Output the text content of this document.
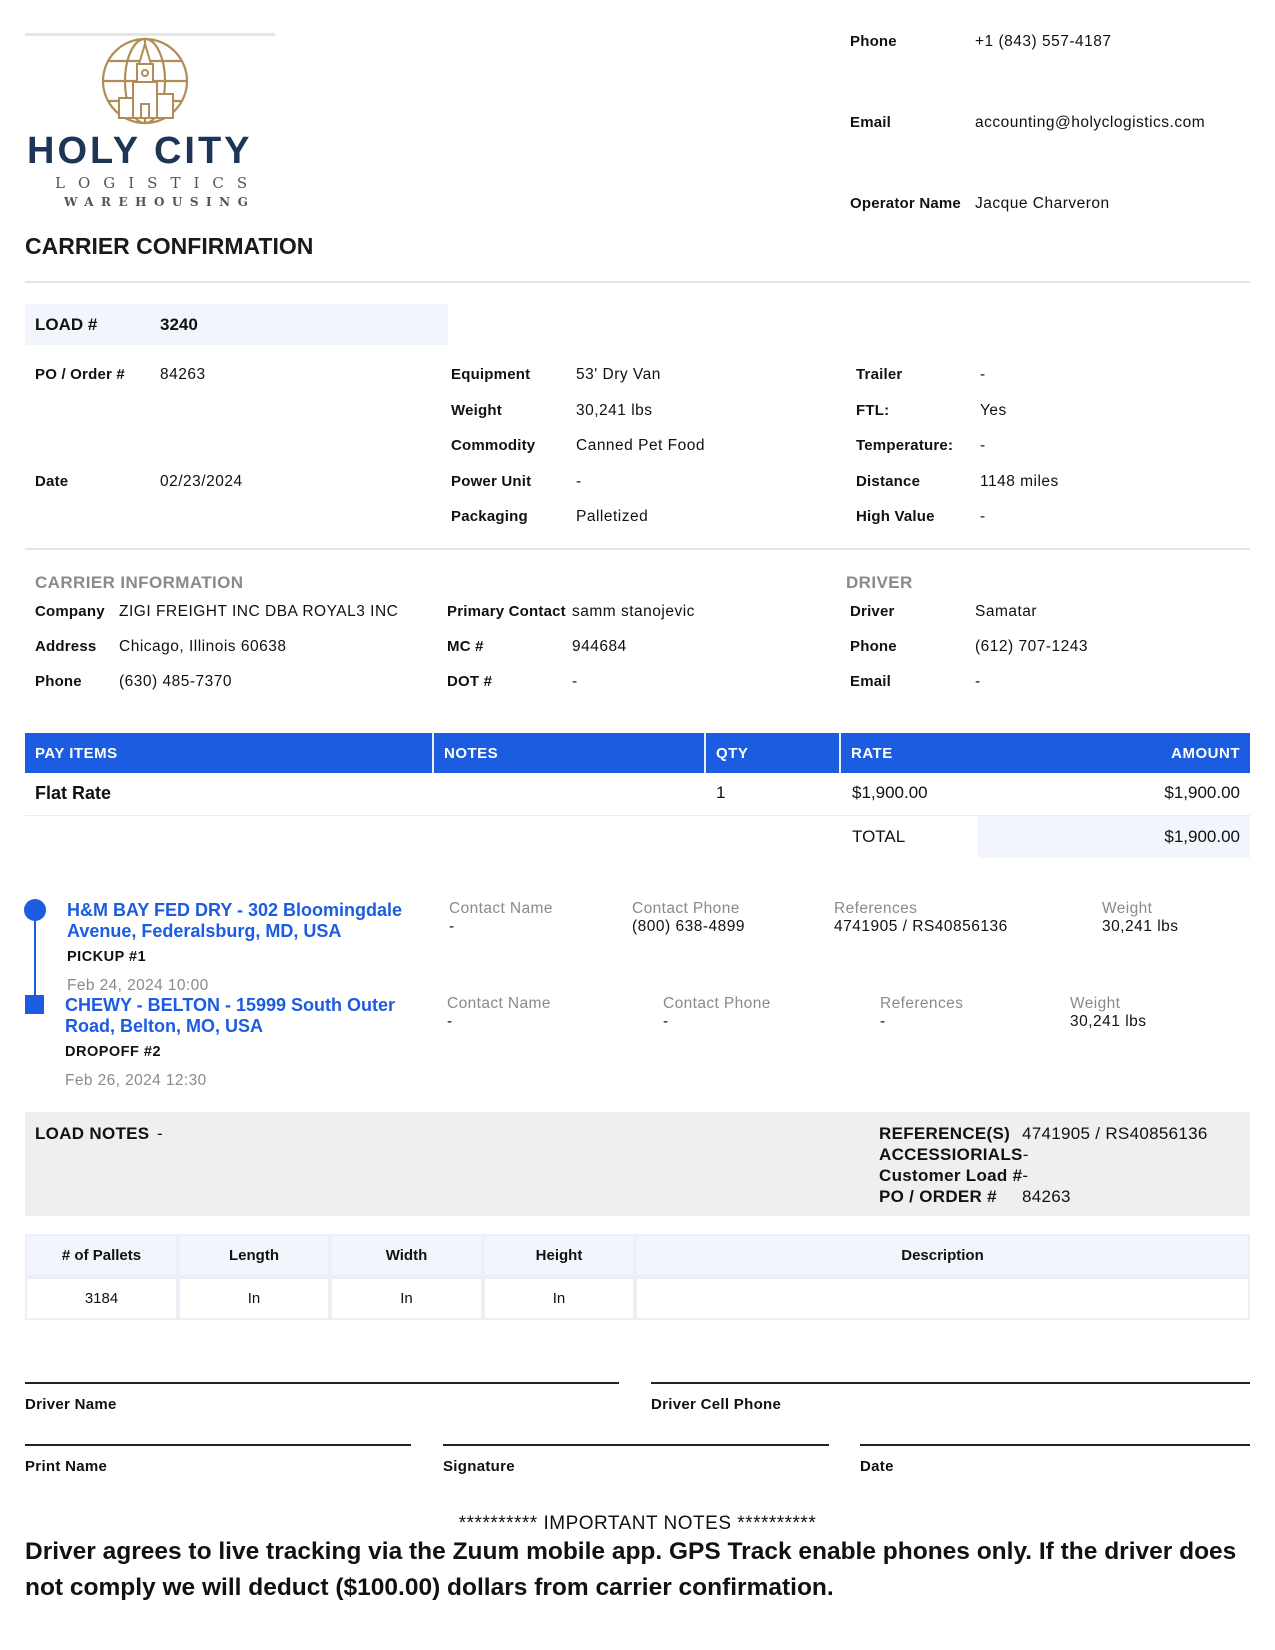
HOLY CITY
LOGISTICS
WAREHOUSING
Phone	+1 (843) 557-4187
Email	accounting@holyclogistics.com
Operator Name Jacque Charveron
CARRIER CONFIRMATION
LOAD #	3240
PO / Order # 84263
Date	02/23/2024
Equipment	53' Dry Van
Weight	30,241 lbs
Commodity	Canned Pet Food
Power Unit	-
Packaging	Palletized
Trailer	-
FTL:	Yes
Temperature: -
Distance	1148 miles
High Value	-
CARRIER INFORMATION	DRIVER
Company ZIGI FREIGHT INC DBA ROYAL3 INC
Address Chicago, Illinois 60638
Phone (630) 485-7370
Primary Contact samm stanojevic
MC #	944684
DOT #	-
Driver	Samatar
Phone	(612) 707-1243
Email	-
PAY ITEMS	NOTES	QTY	RATE	AMOUNT
Flat Rate	1	$1,900.00	$1,900.00
TOTAL	$1,900.00
H&M BAY FED DRY - 302 Bloomingdale Avenue, Federalsburg, MD, USA
PICKUP #1
Feb 24, 2024 10:00
Contact Name
-
Contact Phone
(800) 638-4899
References
4741905 / RS40856136
Weight
30,241 lbs
CHEWY - BELTON - 15999 South Outer Road, Belton, MO, USA
DROPOFF #2
Feb 26, 2024 12:30
Contact Name
-
Contact Phone
-
References
-
Weight
30,241 lbs
LOAD NOTES -	REFERENCE(S) 4741905 / RS40856136
ACCESSIORIALS-
Customer Load #-
PO / ORDER # 84263
# of Pallets	Length	Width	Height	Description
3184	In	In	In
Driver Name	Driver Cell Phone
Print Name	Signature	Date
********** IMPORTANT NOTES **********
Driver agrees to live tracking via the Zuum mobile app. GPS Track enable phones only. If the driver does not comply we will deduct ($100.00) dollars from carrier confirmation.
